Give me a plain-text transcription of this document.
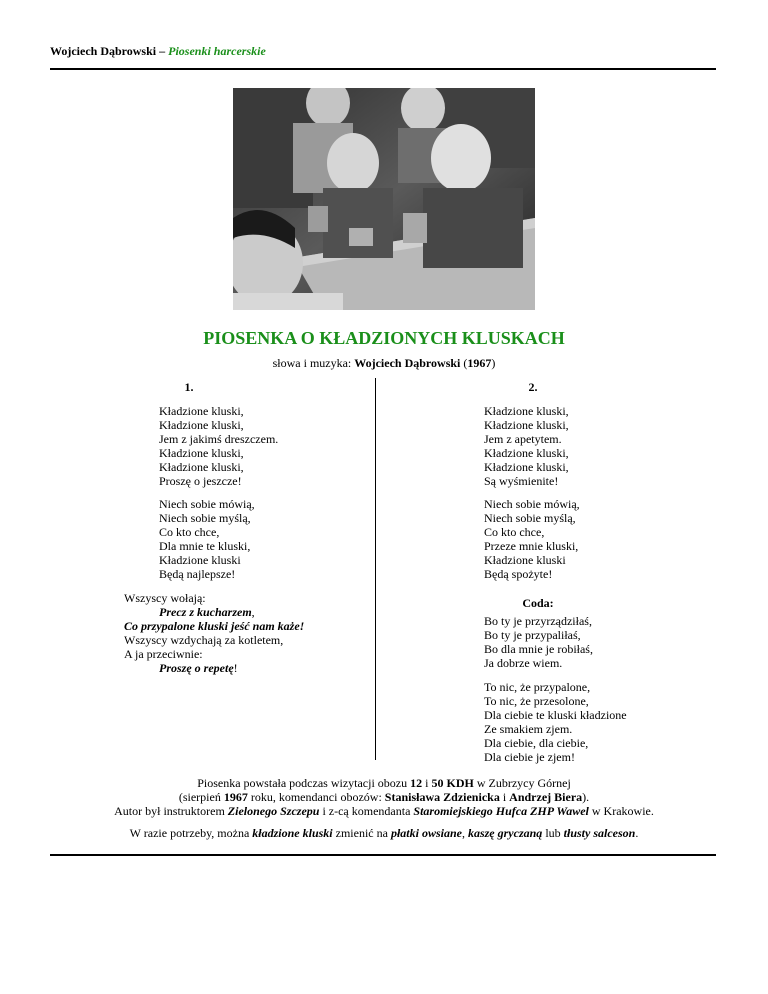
Wojciech Dąbrowski – Piosenki harcerskie
PIOSENKA O KŁADZIONYCH KLUSKACH
słowa i muzyka: Wojciech Dąbrowski (1967)
1.	2.
Kładzione kluski,
Kładzione kluski,
Jem z jakimś dreszczem.
Kładzione kluski,
Kładzione kluski,
Proszę o jeszcze!
Niech sobie mówią,
Niech sobie myślą,
Co kto chce,
Dla mnie te kluski,
Kładzione kluski
Będą najlepsze!
Wszyscy wołają:
Precz z kucharzem,
Co przypalone kluski jeść nam każe!
Wszyscy wzdychają za kotletem,
A ja przeciwnie:
Proszę o repetę!
Kładzione kluski,
Kładzione kluski,
Jem z apetytem.
Kładzione kluski,
Kładzione kluski,
Są wyśmienite!
Niech sobie mówią,
Niech sobie myślą,
Co kto chce,
Przeze mnie kluski,
Kładzione kluski
Będą spożyte!
Coda:
Bo ty je przyrządziłaś,
Bo ty je przypaliłaś,
Bo dla mnie je robiłaś,
Ja dobrze wiem.
To nic, że przypalone,
To nic, że przesolone,
Dla ciebie te kluski kładzione
Ze smakiem zjem.
Dla ciebie, dla ciebie,
Dla ciebie je zjem!

Piosenka powstała podczas wizytacji obozu 12 i 50 KDH w Zubrzycy Górnej

(sierpień 1967 roku, komendanci obozów: Stanisława Zdzienicka i Andrzej Biera).

Autor był instruktorem Zielonego Szczepu i z-cą komendanta Staromiejskiego Hufca ZHP Wawel w Krakowie.

W razie potrzeby, można kładzione kluski zmienić na płatki owsiane, kaszę gryczaną lub tłusty salceson.
